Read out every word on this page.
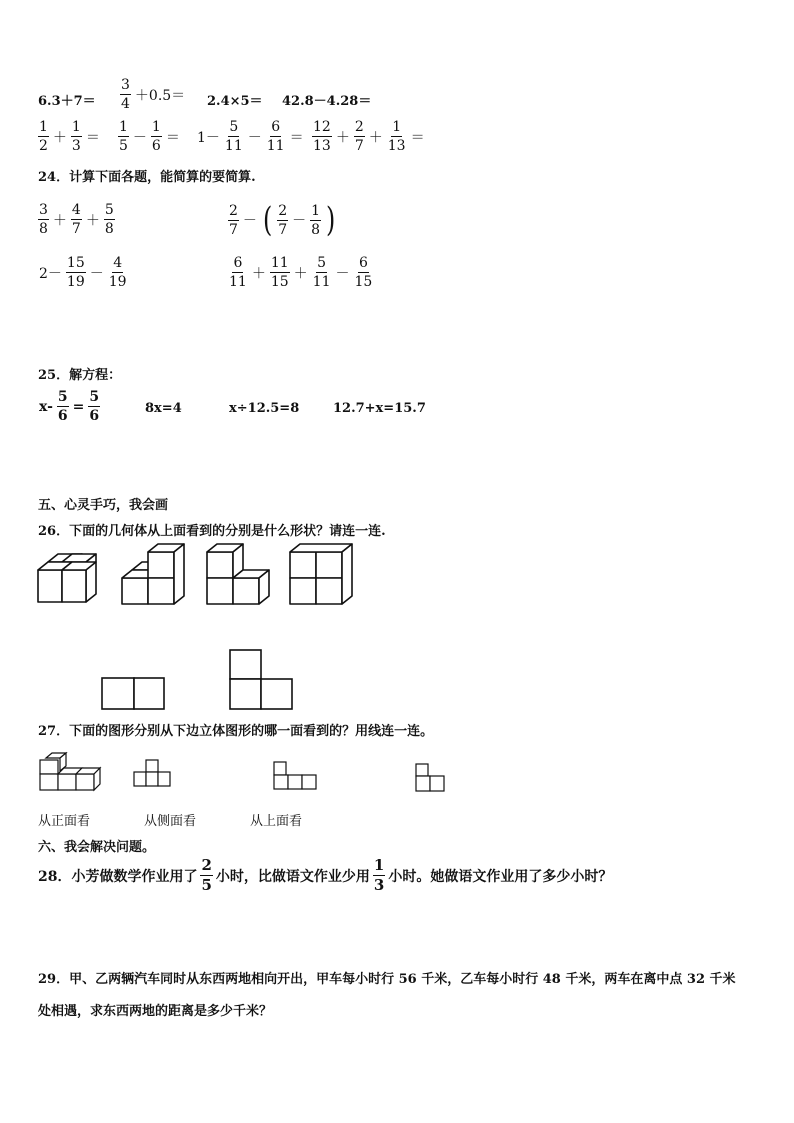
$6.3+7= \frac{3}{4} +0.5= 2.4\times 5= 42.8-4.28=$
$\frac{1}{2} + \frac{1}{3} = \frac{1}{5} - \frac{1}{6} = 1- \frac{5}{11} - \frac{6}{11} = \frac{12}{13} + \frac{2}{7} + \frac{1}{13}$ ＝
24．计算下面各题，能简算的要简算.
$\frac{3}{8} + \frac{4}{7} + \frac{5}{8}$	$\frac{2}{7}$ － ( $\frac{2}{7} - \frac{1}{8}$ )
$2- \frac{15}{19} - \frac{4}{19}$	$\frac{6}{11} + \frac{11}{15} + \frac{5}{11} - \frac{6}{15}$
25．解方程：
$x- \frac{5}{6} = \frac{5}{6}$	8x=4	x÷12.5=8	12.7+x=15.7
五、心灵手巧，我会画
26．下面的几何体从上面看到的分别是什么形状？请连一连.
27．下面的图形分别从下边立体图形的哪一面看到的？用线连一连。
从正面看	从侧面看	从上面看
六、我会解决问题。
28．小芳做数学作业用了 $\frac{2}{5}$ 小时，比做语文作业少用 $\frac{1}{3}$ 小时。她做语文作业用了多少小时？
29．甲、乙两辆汽车同时从东西两地相向开出，甲车每小时行 56 千米，乙车每小时行 48 千米，两车在离中点 32 千米
处相遇，求东西两地的距离是多少千米？
